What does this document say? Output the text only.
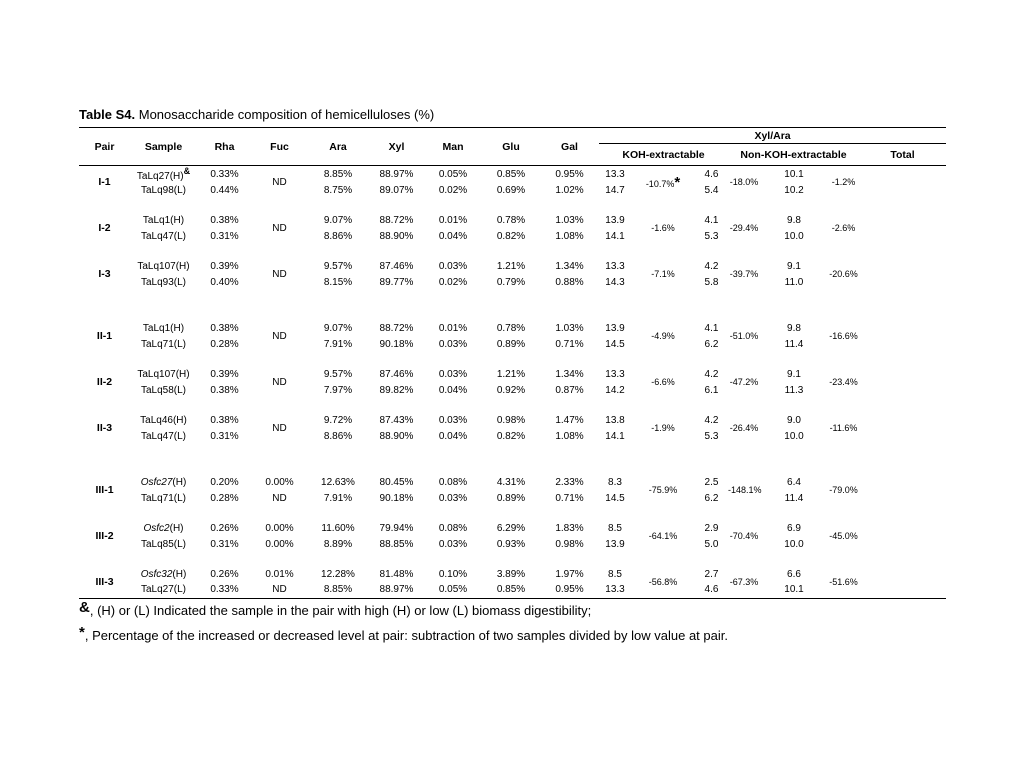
Table S4. Monosaccharide composition of hemicelluloses (%)
Pair	Sample	Rha	Fuc	Ara	Xyl	Man	Glu	Gal	Xyl/Ara						
									KOH-extractable			Non-KOH-extractable			Total
I-1	TaLq27(H)&	0.33%	ND	8.85%	88.97%	0.05%	0.85%	0.95%	13.3	-10.7%*	4.6	-18.0%	10.1	-1.2%	
	TaLq98(L)	0.44%		8.75%	89.07%	0.02%	0.69%	1.02%	14.7		5.4		10.2		

I-2	TaLq1(H)	0.38%	ND	9.07%	88.72%	0.01%	0.78%	1.03%	13.9	-1.6%	4.1	-29.4%	9.8	-2.6%	
	TaLq47(L)	0.31%		8.86%	88.90%	0.04%	0.82%	1.08%	14.1		5.3		10.0		

I-3	TaLq107(H)	0.39%	ND	9.57%	87.46%	0.03%	1.21%	1.34%	13.3	-7.1%	4.2	-39.7%	9.1	-20.6%	
	TaLq93(L)	0.40%		8.15%	89.77%	0.02%	0.79%	0.88%	14.3		5.8		11.0		

II-1	TaLq1(H)	0.38%	ND	9.07%	88.72%	0.01%	0.78%	1.03%	13.9	-4.9%	4.1	-51.0%	9.8	-16.6%	
	TaLq71(L)	0.28%		7.91%	90.18%	0.03%	0.89%	0.71%	14.5		6.2		11.4		

II-2	TaLq107(H)	0.39%	ND	9.57%	87.46%	0.03%	1.21%	1.34%	13.3	-6.6%	4.2	-47.2%	9.1	-23.4%	
	TaLq58(L)	0.38%		7.97%	89.82%	0.04%	0.92%	0.87%	14.2		6.1		11.3		

II-3	TaLq46(H)	0.38%	ND	9.72%	87.43%	0.03%	0.98%	1.47%	13.8	-1.9%	4.2	-26.4%	9.0	-11.6%	
	TaLq47(L)	0.31%		8.86%	88.90%	0.04%	0.82%	1.08%	14.1		5.3		10.0		

III-1	Osfc27(H)	0.20%	0.00%	12.63%	80.45%	0.08%	4.31%	2.33%	8.3	-75.9%	2.5	-148.1%	6.4	-79.0%	
	TaLq71(L)	0.28%	ND	7.91%	90.18%	0.03%	0.89%	0.71%	14.5		6.2		11.4		

III-2	Osfc2(H)	0.26%	0.00%	11.60%	79.94%	0.08%	6.29%	1.83%	8.5	-64.1%	2.9	-70.4%	6.9	-45.0%	
	TaLq85(L)	0.31%	0.00%	8.89%	88.85%	0.03%	0.93%	0.98%	13.9		5.0		10.0		

III-3	Osfc32(H)	0.26%	0.01%	12.28%	81.48%	0.10%	3.89%	1.97%	8.5	-56.8%	2.7	-67.3%	6.6	-51.6%	
	TaLq27(L)	0.33%	ND	8.85%	88.97%	0.05%	0.85%	0.95%	13.3		4.6		10.1		
&, (H) or (L) Indicated the sample in the pair with high (H) or low (L) biomass digestibility;
*, Percentage of the increased or decreased level at pair: subtraction of two samples divided by low value at pair.
